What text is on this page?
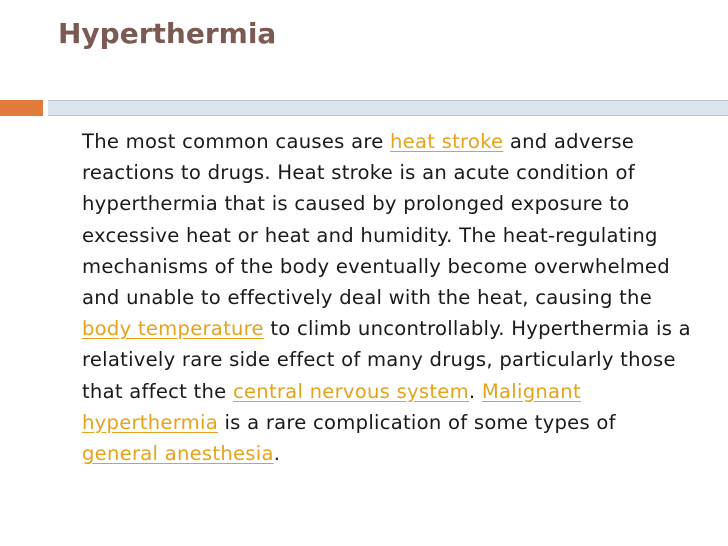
Hyperthermia

The most common causes are heat stroke and adverse reactions to drugs. Heat stroke is an acute condition of hyperthermia that is caused by prolonged exposure to excessive heat or heat and humidity. The heat-regulating mechanisms of the body eventually become overwhelmed and unable to effectively deal with the heat, causing the body temperature to climb uncontrollably. Hyperthermia is a relatively rare side effect of many drugs, particularly those that affect the central nervous system. Malignant hyperthermia is a rare complication of some types of general anesthesia.
